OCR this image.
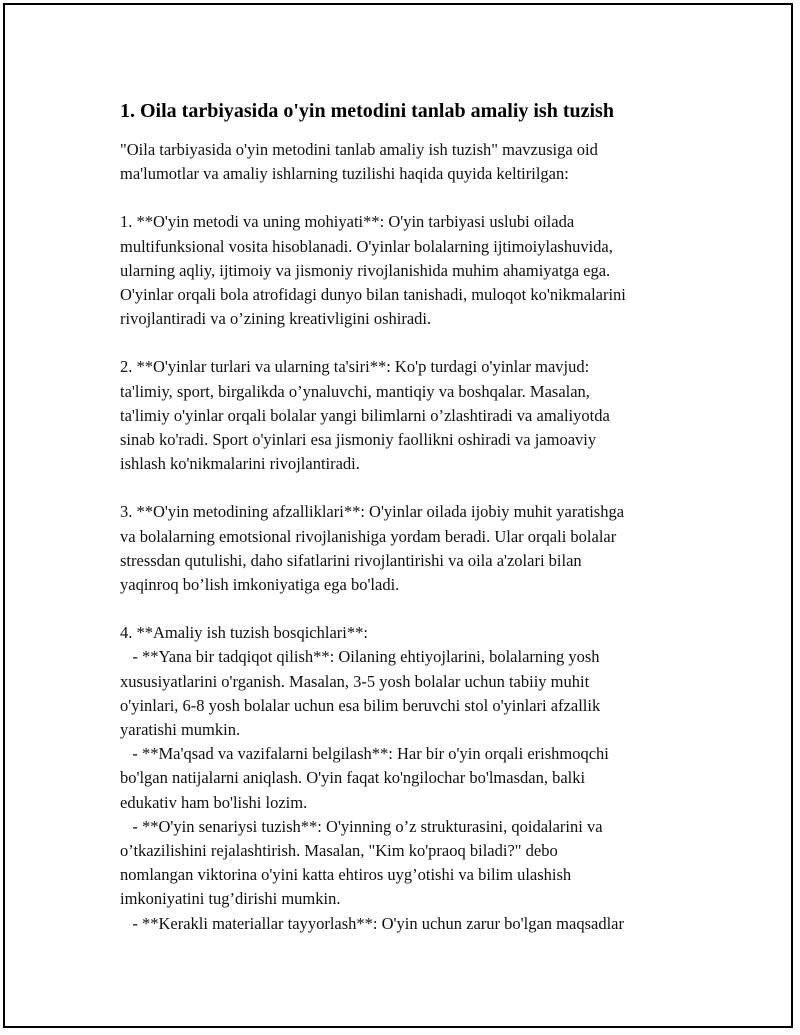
1. Oila tarbiyasida o'yin metodini tanlab amaliy ish tuzish

"Oila tarbiyasida o'yin metodini tanlab amaliy ish tuzish" mavzusiga oid
ma'lumotlar va amaliy ishlarning tuzilishi haqida quyida keltirilgan:

1. **O'yin metodi va uning mohiyati**: O'yin tarbiyasi uslubi oilada
multifunksional vosita hisoblanadi. O'yinlar bolalarning ijtimoiylashuvida,
ularning aqliy, ijtimoiy va jismoniy rivojlanishida muhim ahamiyatga ega.
O'yinlar orqali bola atrofidagi dunyo bilan tanishadi, muloqot ko'nikmalarini
rivojlantiradi va o’zining kreativligini oshiradi.

2. **O'yinlar turlari va ularning ta'siri**: Ko'p turdagi o'yinlar mavjud:
ta'limiy, sport, birgalikda o’ynaluvchi, mantiqiy va boshqalar. Masalan,
ta'limiy o'yinlar orqali bolalar yangi bilimlarni o’zlashtiradi va amaliyotda
sinab ko'radi. Sport o'yinlari esa jismoniy faollikni oshiradi va jamoaviy
ishlash ko'nikmalarini rivojlantiradi.

3. **O'yin metodining afzalliklari**: O'yinlar oilada ijobiy muhit yaratishga
va bolalarning emotsional rivojlanishiga yordam beradi. Ular orqali bolalar
stressdan qutulishi, daho sifatlarini rivojlantirishi va oila a'zolari bilan
yaqinroq bo’lish imkoniyatiga ega bo'ladi.

4. **Amaliy ish tuzish bosqichlari**:
- **Yana bir tadqiqot qilish**: Oilaning ehtiyojlarini, bolalarning yosh
xususiyatlarini o'rganish. Masalan, 3-5 yosh bolalar uchun tabiiy muhit
o'yinlari, 6-8 yosh bolalar uchun esa bilim beruvchi stol o'yinlari afzallik
yaratishi mumkin.
- **Ma'qsad va vazifalarni belgilash**: Har bir o'yin orqali erishmoqchi
bo'lgan natijalarni aniqlash. O'yin faqat ko'ngilochar bo'lmasdan, balki
edukativ ham bo'lishi lozim.
- **O'yin senariysi tuzish**: O'yinning o’z strukturasini, qoidalarini va
o’tkazilishini rejalashtirish. Masalan, "Kim ko'praoq biladi?" debo
nomlangan viktorina o'yini katta ehtiros uyg’otishi va bilim ulashish
imkoniyatini tug’dirishi mumkin.
- **Kerakli materiallar tayyorlash**: O'yin uchun zarur bo'lgan maqsadlar
